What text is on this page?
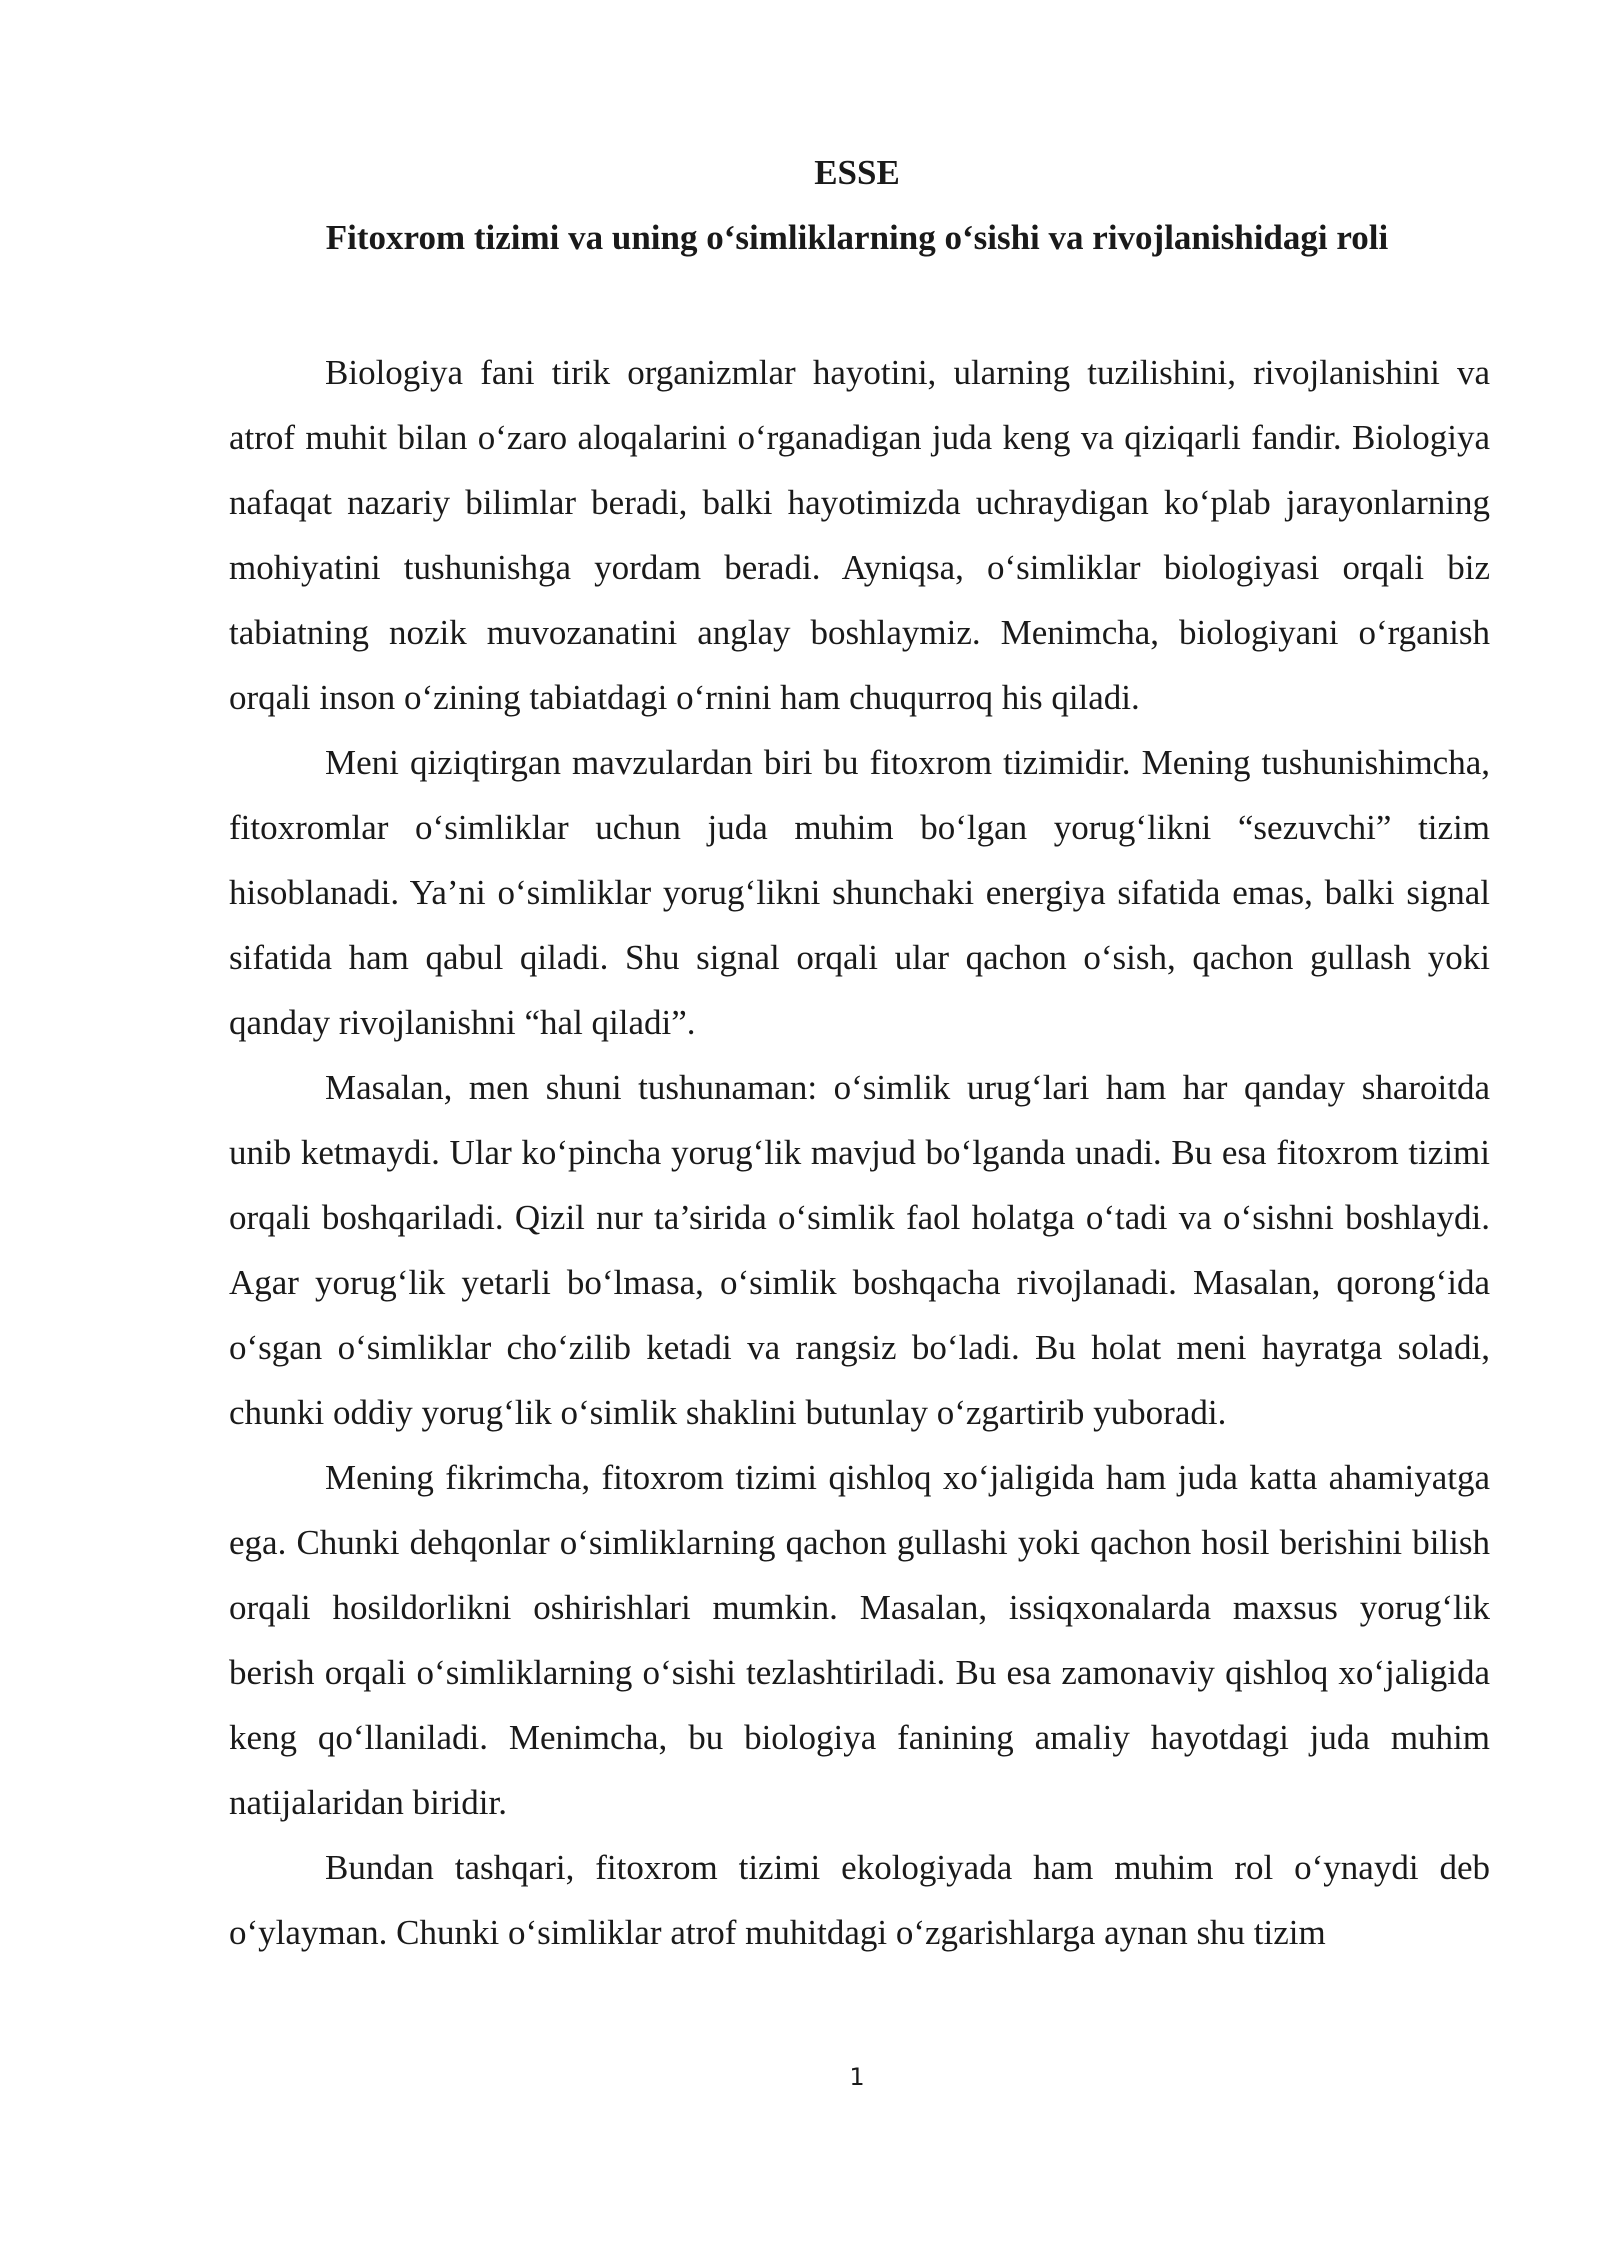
ESSE
Fitoxrom tizimi va uning o‘simliklarning o‘sishi va rivojlanishidagi roli

Biologiya fani tirik organizmlar hayotini, ularning tuzilishini, rivojlanishini va atrof muhit bilan o‘zaro aloqalarini o‘rganadigan juda keng va qiziqarli fandir. Biologiya nafaqat nazariy bilimlar beradi, balki hayotimizda uchraydigan ko‘plab jarayonlarning mohiyatini tushunishga yordam beradi. Ayniqsa, o‘simliklar biologiyasi orqali biz tabiatning nozik muvozanatini anglay boshlaymiz. Menimcha, biologiyani o‘rganish orqali inson o‘zining tabiatdagi o‘rnini ham chuqurroq his qiladi.

Meni qiziqtirgan mavzulardan biri bu fitoxrom tizimidir. Mening tushunishimcha, fitoxromlar o‘simliklar uchun juda muhim bo‘lgan yorug‘likni “sezuvchi” tizim hisoblanadi. Ya’ni o‘simliklar yorug‘likni shunchaki energiya sifatida emas, balki signal sifatida ham qabul qiladi. Shu signal orqali ular qachon o‘sish, qachon gullash yoki qanday rivojlanishni “hal qiladi”.

Masalan, men shuni tushunaman: o‘simlik urug‘lari ham har qanday sharoitda unib ketmaydi. Ular ko‘pincha yorug‘lik mavjud bo‘lganda unadi. Bu esa fitoxrom tizimi orqali boshqariladi. Qizil nur ta’sirida o‘simlik faol holatga o‘tadi va o‘sishni boshlaydi. Agar yorug‘lik yetarli bo‘lmasa, o‘simlik boshqacha rivojlanadi. Masalan, qorong‘ida o‘sgan o‘simliklar cho‘zilib ketadi va rangsiz bo‘ladi. Bu holat meni hayratga soladi, chunki oddiy yorug‘lik o‘simlik shaklini butunlay o‘zgartirib yuboradi.

Mening fikrimcha, fitoxrom tizimi qishloq xo‘jaligida ham juda katta ahamiyatga ega. Chunki dehqonlar o‘simliklarning qachon gullashi yoki qachon hosil berishini bilish orqali hosildorlikni oshirishlari mumkin. Masalan, issiqxonalarda maxsus yorug‘lik berish orqali o‘simliklarning o‘sishi tezlashtiriladi. Bu esa zamonaviy qishloq xo‘jaligida keng qo‘llaniladi. Menimcha, bu biologiya fanining amaliy hayotdagi juda muhim natijalaridan biridir.

Bundan tashqari, fitoxrom tizimi ekologiyada ham muhim rol o‘ynaydi deb o‘ylayman. Chunki o‘simliklar atrof muhitdagi o‘zgarishlarga aynan shu tizim

1
